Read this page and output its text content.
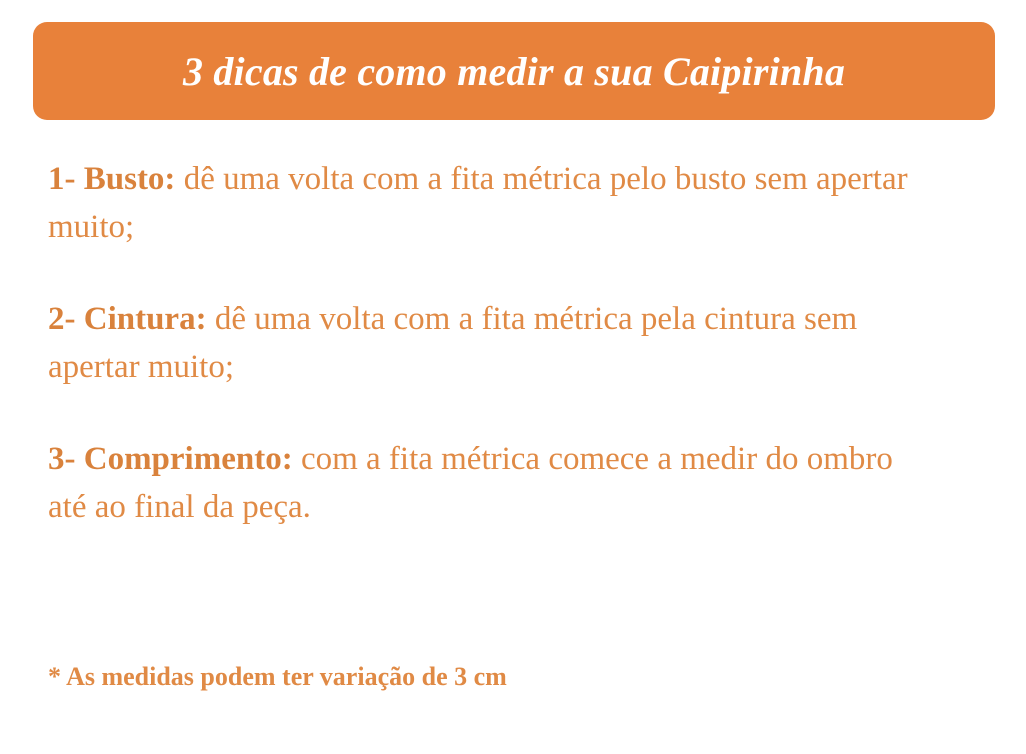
3 dicas de como medir a sua Caipirinha
1- Busto: dê uma volta com a fita métrica pelo busto sem apertar muito;
2- Cintura: dê uma volta com a fita métrica pela cintura sem apertar muito;
3- Comprimento: com a fita métrica comece a medir do ombro até ao final da peça.
* As medidas podem ter variação de 3 cm
